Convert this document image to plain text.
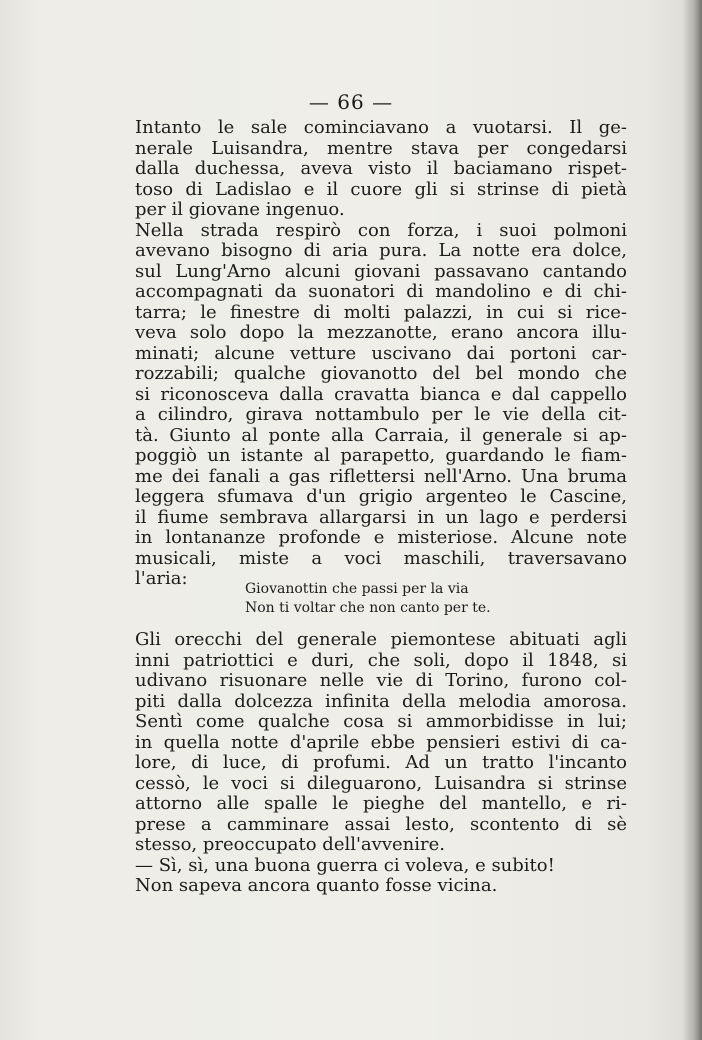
— 66 —
Intanto le sale cominciavano a vuotarsi. Il ge-
nerale Luisandra, mentre stava per congedarsi
dalla duchessa, aveva visto il baciamano rispet-
toso di Ladislao e il cuore gli si strinse di pietà
per il giovane ingenuo.
Nella strada respirò con forza, i suoi polmoni
avevano bisogno di aria pura. La notte era dolce,
sul Lung'Arno alcuni giovani passavano cantando
accompagnati da suonatori di mandolino e di chi-
tarra; le finestre di molti palazzi, in cui si rice-
veva solo dopo la mezzanotte, erano ancora illu-
minati; alcune vetture uscivano dai portoni car-
rozzabili; qualche giovanotto del bel mondo che
si riconosceva dalla cravatta bianca e dal cappello
a cilindro, girava nottambulo per le vie della cit-
tà. Giunto al ponte alla Carraia, il generale si ap-
poggiò un istante al parapetto, guardando le fiam-
me dei fanali a gas riflettersi nell'Arno. Una bruma
leggera sfumava d'un grigio argenteo le Cascine,
il fiume sembrava allargarsi in un lago e perdersi
in lontananze profonde e misteriose. Alcune note
musicali, miste a voci maschili, traversavano
l'aria:	Giovanottin che passi per la via
Non ti voltar che non canto per te.
Gli orecchi del generale piemontese abituati agli
inni patriottici e duri, che soli, dopo il 1848, si
udivano risuonare nelle vie di Torino, furono col-
piti dalla dolcezza infinita della melodia amorosa.
Sentì come qualche cosa si ammorbidisse in lui;
in quella notte d'aprile ebbe pensieri estivi di ca-
lore, di luce, di profumi. Ad un tratto l'incanto
cessò, le voci si dileguarono, Luisandra si strinse
attorno alle spalle le pieghe del mantello, e ri-
prese a camminare assai lesto, scontento di sè
stesso, preoccupato dell'avvenire.
— Sì, sì, una buona guerra ci voleva, e subito!
Non sapeva ancora quanto fosse vicina.
